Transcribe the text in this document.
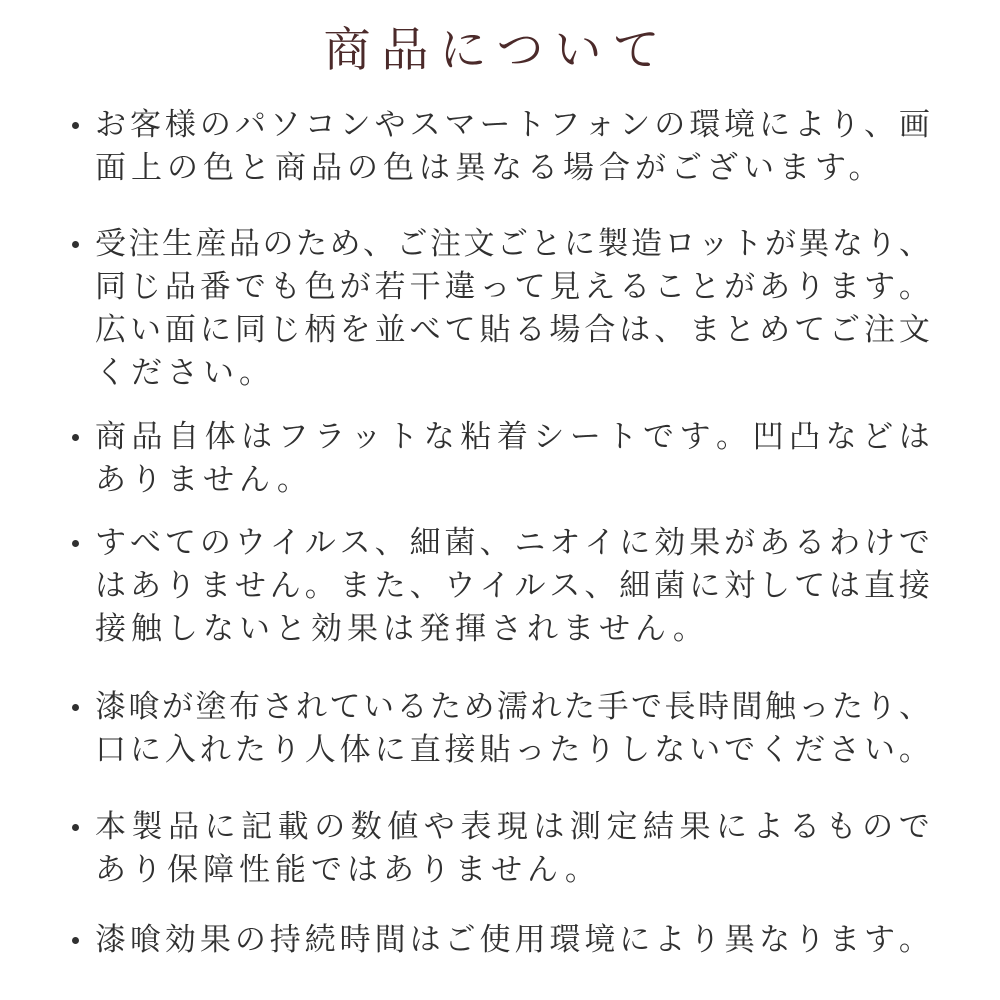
商品について
お 客 様 の パ ソ コ ン や ス マ ー ト フ ォ ン の 環 境 に よ り 、 画
面上の色と商品の色は異なる場合がございます。
受 注 生 産 品 の た め 、 ご 注 文 ご と に 製 造 ロ ッ ト が 異 な り 、
同 じ 品 番 で も 色 が 若 干 違 っ て 見 え る こ と が あ り ま す 。
広 い 面 に 同 じ 柄 を 並 べ て 貼 る 場 合 は 、 ま と め て ご 注 文
ください。
商 品 自 体 は フ ラ ッ ト な 粘 着 シ ー ト で す 。 凹 凸 な ど は
ありません。
す べ て の ウ イ ル ス 、 細 菌 、 ニ オ イ に 効 果 が あ る わ け で
は あ り ま せ ん 。 ま た 、 ウ イ ル ス 、 細 菌 に 対 し て は 直 接
接触しないと効果は発揮されません。
漆 喰 が 塗 布 さ れ て い る た め 濡 れ た 手 で 長 時 間 触 っ た り 、
口 に 入 れ た り 人 体 に 直 接 貼 っ た り し な い で く だ さ い 。
本 製 品 に 記 載 の 数 値 や 表 現 は 測 定 結 果 に よ る も の で
あり保障性能ではありません。
漆 喰 効 果 の 持 続 時 間 は ご 使 用 環 境 に よ り 異 な り ま す 。
